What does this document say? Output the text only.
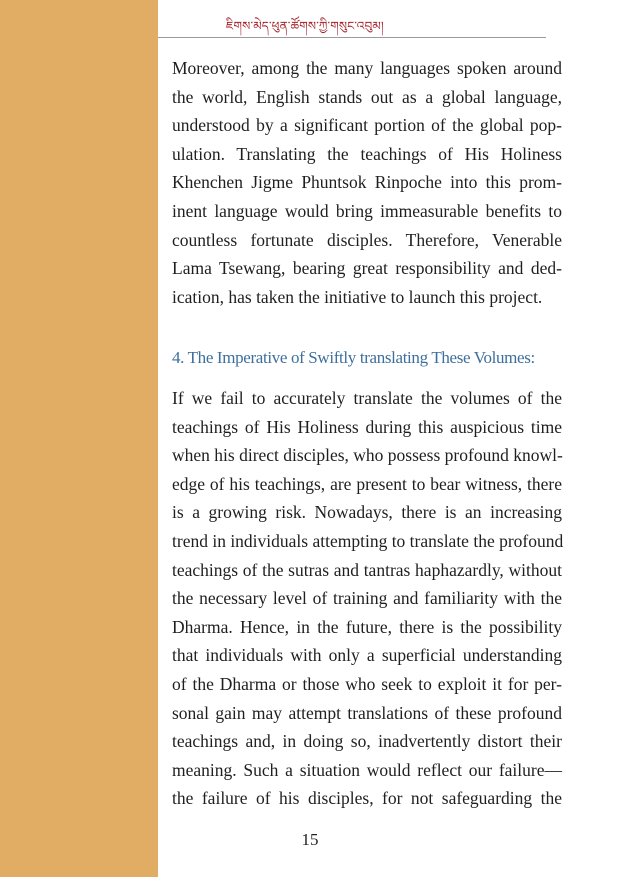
ཇིགས་མེད་ཕུན་ཚོགས་ཀྱི་གསུང་འབུམ།
Moreover, among the many languages spoken around
the world, English stands out as a global language,
understood by a significant portion of the global pop-
ulation. Translating the teachings of His Holiness
Khenchen Jigme Phuntsok Rinpoche into this prom-
inent language would bring immeasurable benefits to
countless fortunate disciples. Therefore, Venerable
Lama Tsewang, bearing great responsibility and ded-
ication, has taken the initiative to launch this project.
4. The Imperative of Swiftly translating These Volumes:
If we fail to accurately translate the volumes of the
teachings of His Holiness during this auspicious time
when his direct disciples, who possess profound knowl-
edge of his teachings, are present to bear witness, there
is a growing risk. Nowadays, there is an increasing
trend in individuals attempting to translate the profound
teachings of the sutras and tantras haphazardly, without
the necessary level of training and familiarity with the
Dharma. Hence, in the future, there is the possibility
that individuals with only a superficial understanding
of the Dharma or those who seek to exploit it for per-
sonal gain may attempt translations of these profound
teachings and, in doing so, inadvertently distort their
meaning. Such a situation would reflect our failure—
the failure of his disciples, for not safeguarding the
15
